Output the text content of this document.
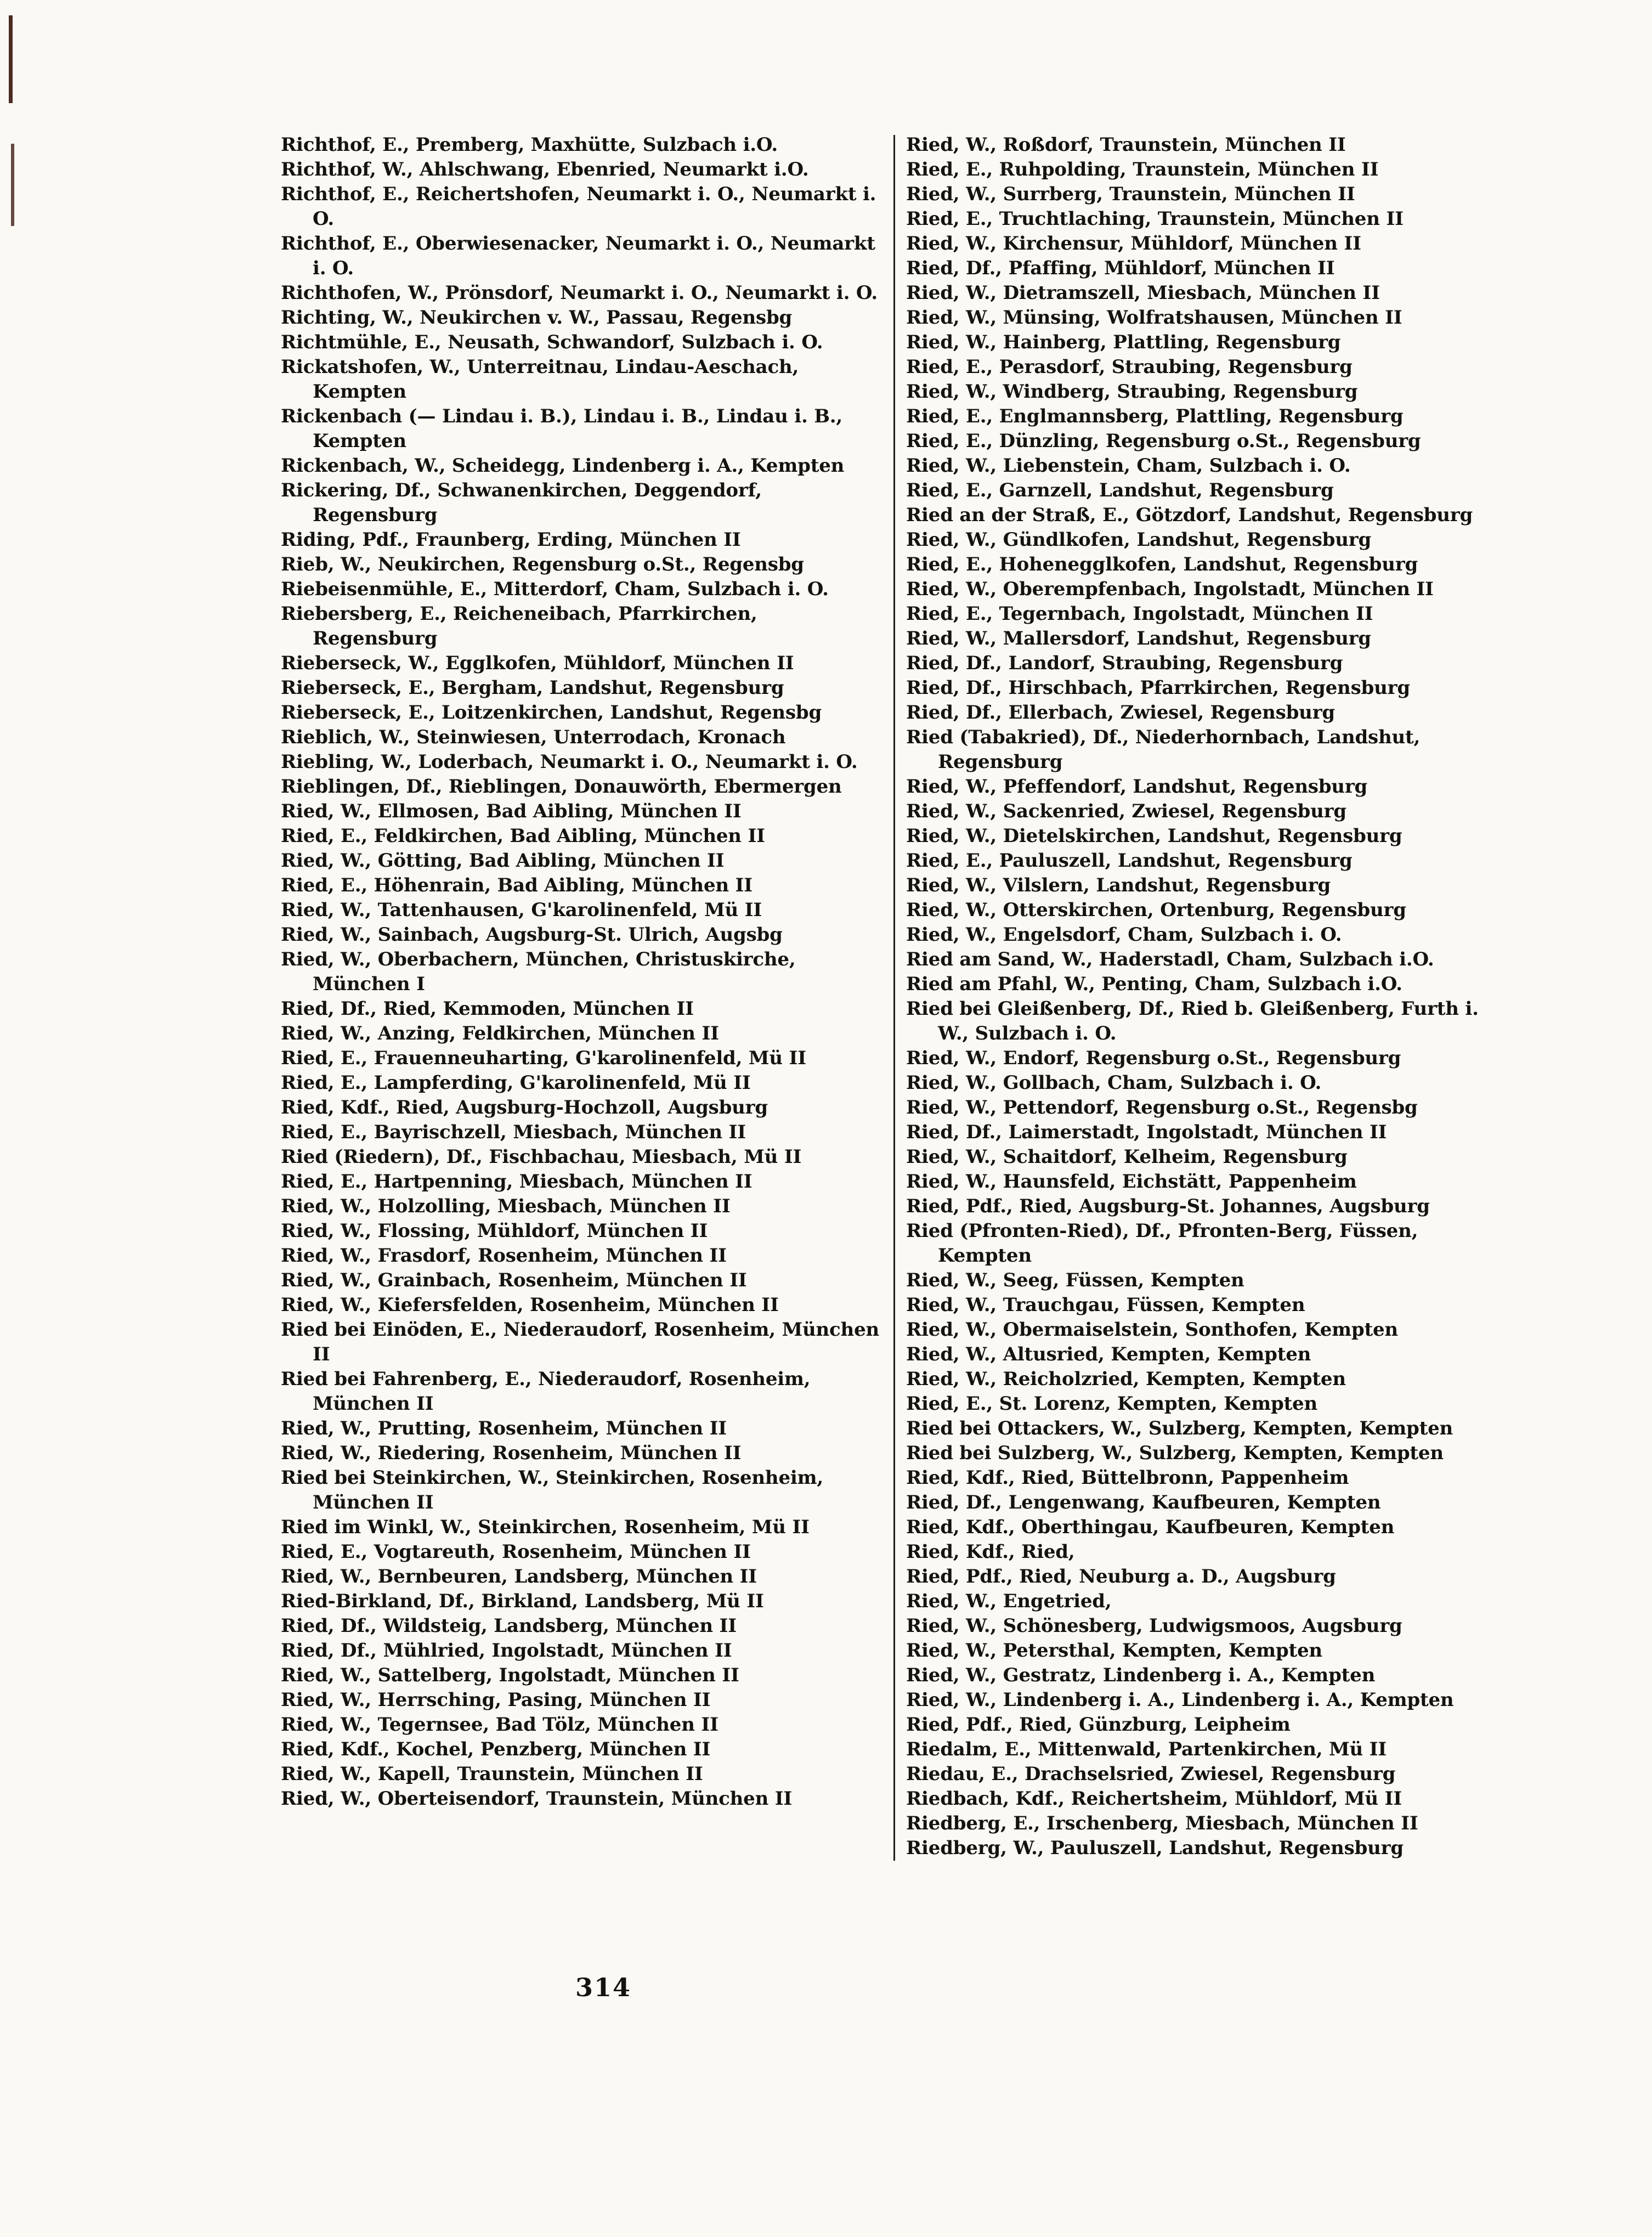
Richthof, E., Premberg, Maxhütte, Sulzbach i.O.

Richthof, W., Ahlschwang, Ebenried, Neumarkt i.O.

Richthof, E., Reichertshofen, Neumarkt i. O., Neumarkt i. O.

Richthof, E., Oberwiesenacker, Neumarkt i. O., Neumarkt i. O.

Richthofen, W., Prönsdorf, Neumarkt i. O., Neumarkt i. O.

Richting, W., Neukirchen v. W., Passau, Regensbg

Richtmühle, E., Neusath, Schwandorf, Sulzbach i. O.

Rickatshofen, W., Unterreitnau, Lindau-Aeschach, Kempten

Rickenbach (— Lindau i. B.), Lindau i. B., Lindau i. B., Kempten

Rickenbach, W., Scheidegg, Lindenberg i. A., Kempten

Rickering, Df., Schwanenkirchen, Deggendorf, Regensburg

Riding, Pdf., Fraunberg, Erding, München II

Rieb, W., Neukirchen, Regensburg o.St., Regensbg

Riebeisenmühle, E., Mitterdorf, Cham, Sulzbach i. O.

Riebersberg, E., Reicheneibach, Pfarrkirchen, Regensburg

Rieberseck, W., Egglkofen, Mühldorf, München II

Rieberseck, E., Bergham, Landshut, Regensburg

Rieberseck, E., Loitzenkirchen, Landshut, Regensbg

Rieblich, W., Steinwiesen, Unterrodach, Kronach

Riebling, W., Loderbach, Neumarkt i. O., Neumarkt i. O.

Rieblingen, Df., Rieblingen, Donauwörth, Ebermergen

Ried, W., Ellmosen, Bad Aibling, München II

Ried, E., Feldkirchen, Bad Aibling, München II

Ried, W., Götting, Bad Aibling, München II

Ried, E., Höhenrain, Bad Aibling, München II

Ried, W., Tattenhausen, G'karolinenfeld, Mü II

Ried, W., Sainbach, Augsburg-St. Ulrich, Augsbg

Ried, W., Oberbachern, München, Christuskirche, München I

Ried, Df., Ried, Kemmoden, München II

Ried, W., Anzing, Feldkirchen, München II

Ried, E., Frauenneuharting, G'karolinenfeld, Mü II

Ried, E., Lampferding, G'karolinenfeld, Mü II

Ried, Kdf., Ried, Augsburg-Hochzoll, Augsburg

Ried, E., Bayrischzell, Miesbach, München II

Ried (Riedern), Df., Fischbachau, Miesbach, Mü II

Ried, E., Hartpenning, Miesbach, München II

Ried, W., Holzolling, Miesbach, München II

Ried, W., Flossing, Mühldorf, München II

Ried, W., Frasdorf, Rosenheim, München II

Ried, W., Grainbach, Rosenheim, München II

Ried, W., Kiefersfelden, Rosenheim, München II

Ried bei Einöden, E., Niederaudorf, Rosenheim, München II

Ried bei Fahrenberg, E., Niederaudorf, Rosenheim, München II

Ried, W., Prutting, Rosenheim, München II

Ried, W., Riedering, Rosenheim, München II

Ried bei Steinkirchen, W., Steinkirchen, Rosenheim, München II

Ried im Winkl, W., Steinkirchen, Rosenheim, Mü II

Ried, E., Vogtareuth, Rosenheim, München II

Ried, W., Bernbeuren, Landsberg, München II

Ried-Birkland, Df., Birkland, Landsberg, Mü II

Ried, Df., Wildsteig, Landsberg, München II

Ried, Df., Mühlried, Ingolstadt, München II

Ried, W., Sattelberg, Ingolstadt, München II

Ried, W., Herrsching, Pasing, München II

Ried, W., Tegernsee, Bad Tölz, München II

Ried, Kdf., Kochel, Penzberg, München II

Ried, W., Kapell, Traunstein, München II

Ried, W., Oberteisendorf, Traunstein, München II

Ried, W., Roßdorf, Traunstein, München II

Ried, E., Ruhpolding, Traunstein, München II

Ried, W., Surrberg, Traunstein, München II

Ried, E., Truchtlaching, Traunstein, München II

Ried, W., Kirchensur, Mühldorf, München II

Ried, Df., Pfaffing, Mühldorf, München II

Ried, W., Dietramszell, Miesbach, München II

Ried, W., Münsing, Wolfratshausen, München II

Ried, W., Hainberg, Plattling, Regensburg

Ried, E., Perasdorf, Straubing, Regensburg

Ried, W., Windberg, Straubing, Regensburg

Ried, E., Englmannsberg, Plattling, Regensburg

Ried, E., Dünzling, Regensburg o.St., Regensburg

Ried, W., Liebenstein, Cham, Sulzbach i. O.

Ried, E., Garnzell, Landshut, Regensburg

Ried an der Straß, E., Götzdorf, Landshut, Regensburg

Ried, W., Gündlkofen, Landshut, Regensburg

Ried, E., Hohenegglkofen, Landshut, Regensburg

Ried, W., Oberempfenbach, Ingolstadt, München II

Ried, E., Tegernbach, Ingolstadt, München II

Ried, W., Mallersdorf, Landshut, Regensburg

Ried, Df., Landorf, Straubing, Regensburg

Ried, Df., Hirschbach, Pfarrkirchen, Regensburg

Ried, Df., Ellerbach, Zwiesel, Regensburg

Ried (Tabakried), Df., Niederhornbach, Landshut, Regensburg

Ried, W., Pfeffendorf, Landshut, Regensburg

Ried, W., Sackenried, Zwiesel, Regensburg

Ried, W., Dietelskirchen, Landshut, Regensburg

Ried, E., Pauluszell, Landshut, Regensburg

Ried, W., Vilslern, Landshut, Regensburg

Ried, W., Otterskirchen, Ortenburg, Regensburg

Ried, W., Engelsdorf, Cham, Sulzbach i. O.

Ried am Sand, W., Haderstadl, Cham, Sulzbach i.O.

Ried am Pfahl, W., Penting, Cham, Sulzbach i.O.

Ried bei Gleißenberg, Df., Ried b. Gleißenberg, Furth i. W., Sulzbach i. O.

Ried, W., Endorf, Regensburg o.St., Regensburg

Ried, W., Gollbach, Cham, Sulzbach i. O.

Ried, W., Pettendorf, Regensburg o.St., Regensbg

Ried, Df., Laimerstadt, Ingolstadt, München II

Ried, W., Schaitdorf, Kelheim, Regensburg

Ried, W., Haunsfeld, Eichstätt, Pappenheim

Ried, Pdf., Ried, Augsburg-St. Johannes, Augsburg

Ried (Pfronten-Ried), Df., Pfronten-Berg, Füssen, Kempten

Ried, W., Seeg, Füssen, Kempten

Ried, W., Trauchgau, Füssen, Kempten

Ried, W., Obermaiselstein, Sonthofen, Kempten

Ried, W., Altusried, Kempten, Kempten

Ried, W., Reicholzried, Kempten, Kempten

Ried, E., St. Lorenz, Kempten, Kempten

Ried bei Ottackers, W., Sulzberg, Kempten, Kempten

Ried bei Sulzberg, W., Sulzberg, Kempten, Kempten

Ried, Kdf., Ried, Büttelbronn, Pappenheim

Ried, Df., Lengenwang, Kaufbeuren, Kempten

Ried, Kdf., Oberthingau, Kaufbeuren, Kempten

Ried, Kdf., Ried,

Ried, Pdf., Ried, Neuburg a. D., Augsburg

Ried, W., Engetried,

Ried, W., Schönesberg, Ludwigsmoos, Augsburg

Ried, W., Petersthal, Kempten, Kempten

Ried, W., Gestratz, Lindenberg i. A., Kempten

Ried, W., Lindenberg i. A., Lindenberg i. A., Kempten

Ried, Pdf., Ried, Günzburg, Leipheim

Riedalm, E., Mittenwald, Partenkirchen, Mü II

Riedau, E., Drachselsried, Zwiesel, Regensburg

Riedbach, Kdf., Reichertsheim, Mühldorf, Mü II

Riedberg, E., Irschenberg, Miesbach, München II

Riedberg, W., Pauluszell, Landshut, Regensburg

314
